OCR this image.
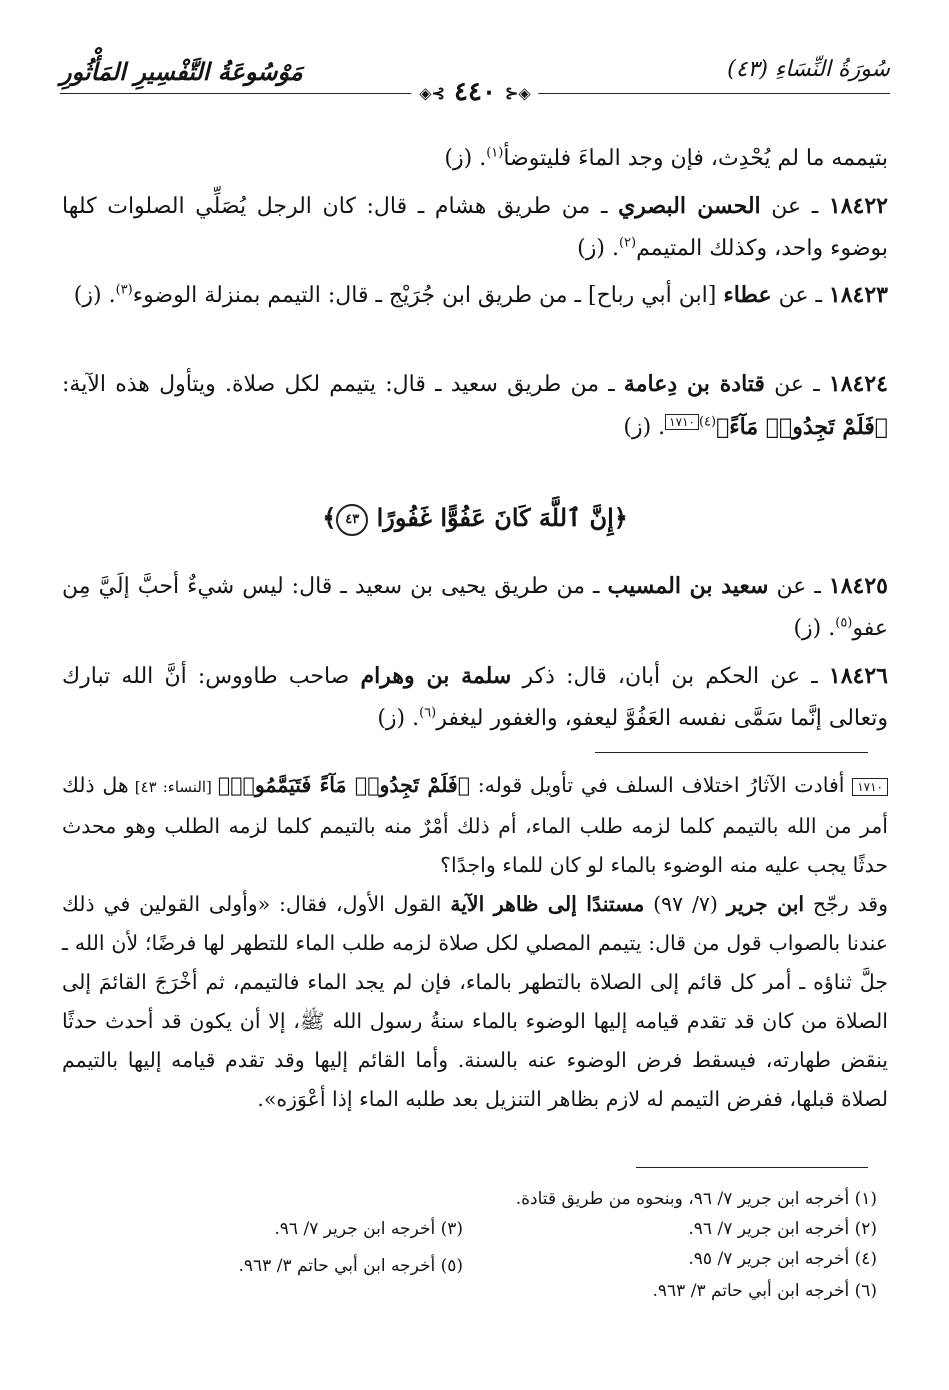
سُورَةُ النِّسَاءِ (٤٣)
مَوْسُوعَةُ التَّفْسِيرِ المَأْثُورِ
◈⊰ ٤٤٠ ⊱◈
بتيممه ما لم يُحْدِث، فإن وجد الماءَ فليتوضأ$^{(١)}$. (ز)
١٨٤٢٢ ـ عن الحسن البصري ـ من طريق هشام ـ قال: كان الرجل يُصَلِّي الصلوات كلها بوضوء واحد، وكذلك المتيمم$^{(٢)}$. (ز)
١٨٤٢٣ ـ عن عطاء [ابن أبي رباح] ـ من طريق ابن جُرَيْج ـ قال: التيمم بمنزلة الوضوء$^{(٣)}$. (ز)
١٨٤٢٤ ـ عن قتادة بن دِعامة ـ من طريق سعيد ـ قال: يتيمم لكل صلاة. ويتأول هذه الآية: ﴿فَلَمْ تَجِدُوا۟ مَآءً﴾$^{(٤)}$١٧١٠. (ز)
﴿إِنَّ ٱللَّهَ كَانَ عَفُوًّا غَفُورًا ٤٣﴾
١٨٤٢٥ ـ عن سعيد بن المسيب ـ من طريق يحيى بن سعيد ـ قال: ليس شيءٌ أحبَّ إلَيَّ مِن عفو$^{(٥)}$. (ز)
١٨٤٢٦ ـ عن الحكم بن أبان، قال: ذكر سلمة بن وهرام صاحب طاووس: أنَّ الله تبارك وتعالى إنَّما سَمَّى نفسه العَفُوَّ ليعفو، والغفور ليغفر$^{(٦)}$. (ز)
١٧١٠ أفادت الآثارُ اختلاف السلف في تأويل قوله: ﴿فَلَمْ تَجِدُوا۟ مَآءً فَتَيَمَّمُوا۟﴾ [النساء: ٤٣] هل ذلك أمر من الله بالتيمم كلما لزمه طلب الماء، أم ذلك أمْرٌ منه بالتيمم كلما لزمه الطلب وهو محدث حدثًا يجب عليه منه الوضوء بالماء لو كان للماء واجدًا؟
وقد رجّح ابن جرير (٧/ ٩٧) مستندًا إلى ظاهر الآية القول الأول، فقال: «وأولى القولين في ذلك عندنا بالصواب قول من قال: يتيمم المصلي لكل صلاة لزمه طلب الماء للتطهر لها فرضًا؛ لأن الله ـ جلَّ ثناؤه ـ أمر كل قائم إلى الصلاة بالتطهر بالماء، فإن لم يجد الماء فالتيمم، ثم أخْرَجَ القائمَ إلى الصلاة من كان قد تقدم قيامه إليها الوضوء بالماء سنةُ رسول الله ﷺ، إلا أن يكون قد أحدث حدثًا ينقض طهارته، فيسقط فرض الوضوء عنه بالسنة. وأما القائم إليها وقد تقدم قيامه إليها بالتيمم لصلاة قبلها، ففرض التيمم له لازم بظاهر التنزيل بعد طلبه الماء إذا أعْوَزه».
(١) أخرجه ابن جرير ٧/ ٩٦، وبنحوه من طريق قتادة.
(٢) أخرجه ابن جرير ٧/ ٩٦.
(٣) أخرجه ابن جرير ٧/ ٩٦.
(٤) أخرجه ابن جرير ٧/ ٩٥.
(٥) أخرجه ابن أبي حاتم ٣/ ٩٦٣.
(٦) أخرجه ابن أبي حاتم ٣/ ٩٦٣.
